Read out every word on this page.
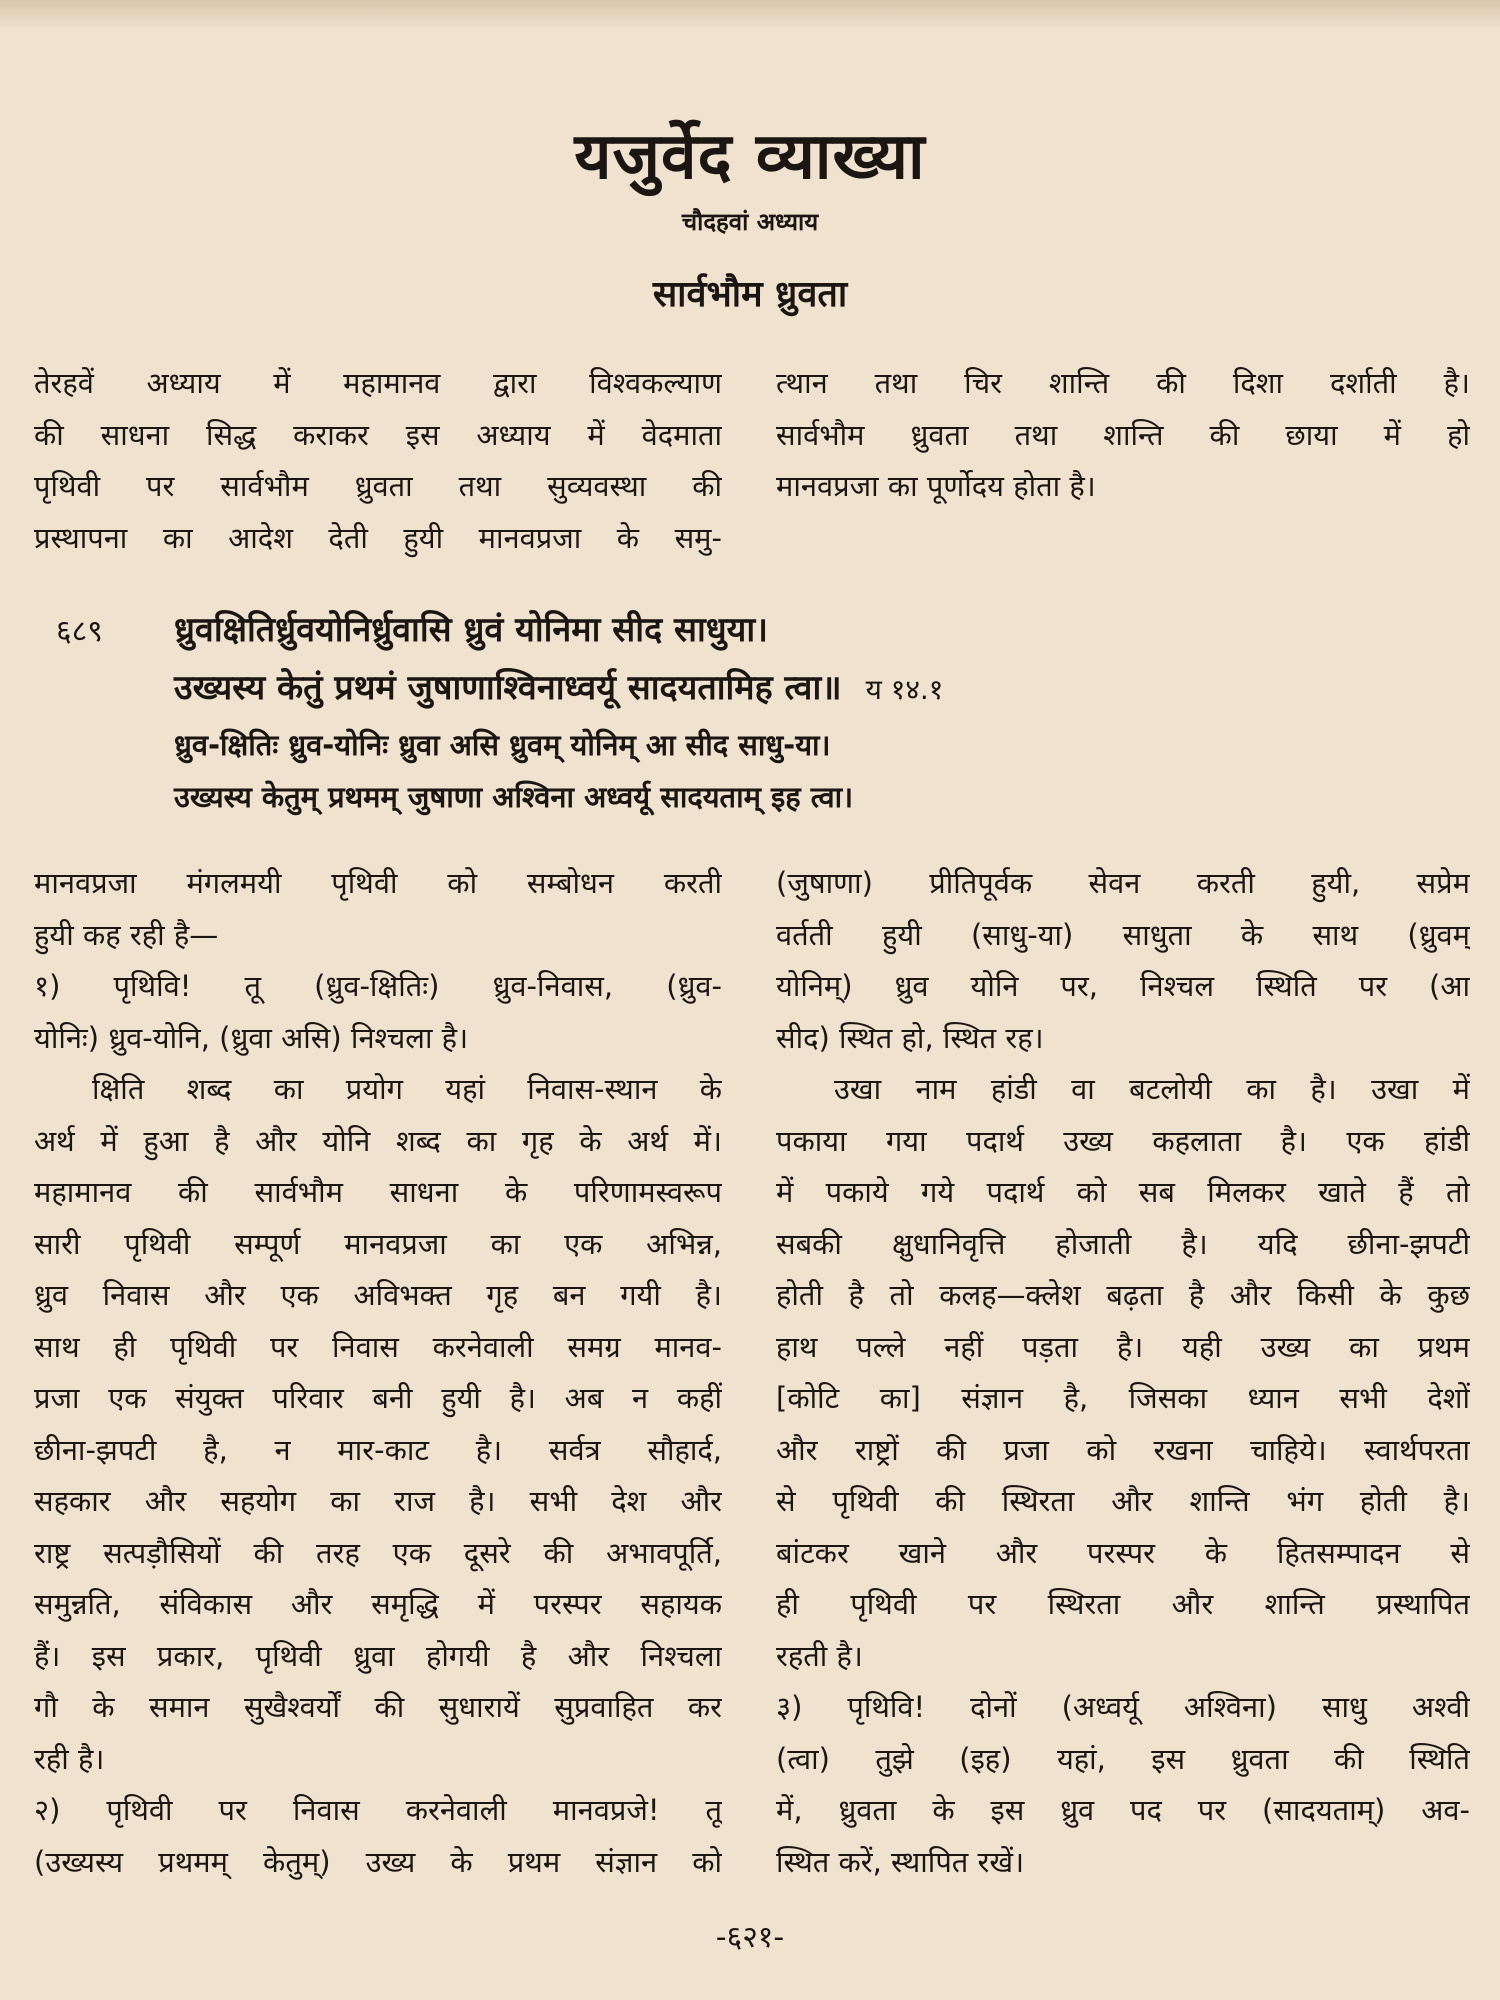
यजुर्वेद व्याख्या
चौदहवां अध्याय
सार्वभौम ध्रुवता
तेरहवें अध्याय में महामानव द्वारा विश्वकल्याण
की साधना सिद्ध कराकर इस अध्याय में वेदमाता
पृथिवी पर सार्वभौम ध्रुवता तथा सुव्यवस्था की
प्रस्थापना का आदेश देती हुयी मानवप्रजा के समु-
त्थान तथा चिर शान्ति की दिशा दर्शाती है।
सार्वभौम ध्रुवता तथा शान्ति की छाया में हो
मानवप्रजा का पूर्णोदय होता है।
६८९ ध्रुवक्षितिर्ध्रुवयोनिर्ध्रुवासि ध्रुवं योनिमा सीद साधुया।
उख्यस्य केतुं प्रथमं जुषाणाश्विनाध्वर्यू सादयतामिह त्वा॥ य १४.१
ध्रुव-क्षितिः ध्रुव-योनिः ध्रुवा असि ध्रुवम् योनिम् आ सीद साधु-या।
उख्यस्य केतुम् प्रथमम् जुषाणा अश्विना अध्वर्यू सादयताम् इह त्वा।
मानवप्रजा मंगलमयी पृथिवी को सम्बोधन करती
हुयी कह रही है—
१) पृथिवि! तू (ध्रुव-क्षितिः) ध्रुव-निवास, (ध्रुव-
योनिः) ध्रुव-योनि, (ध्रुवा असि) निश्चला है।
क्षिति शब्द का प्रयोग यहां निवास-स्थान के
अर्थ में हुआ है और योनि शब्द का गृह के अर्थ में।
महामानव की सार्वभौम साधना के परिणामस्वरूप
सारी पृथिवी सम्पूर्ण मानवप्रजा का एक अभिन्न,
ध्रुव निवास और एक अविभक्त गृह बन गयी है।
साथ ही पृथिवी पर निवास करनेवाली समग्र मानव-
प्रजा एक संयुक्त परिवार बनी हुयी है। अब न कहीं
छीना-झपटी है, न मार-काट है। सर्वत्र सौहार्द,
सहकार और सहयोग का राज है। सभी देश और
राष्ट्र सत्पड़ौसियों की तरह एक दूसरे की अभावपूर्ति,
समुन्नति, संविकास और समृद्धि में परस्पर सहायक
हैं। इस प्रकार, पृथिवी ध्रुवा होगयी है और निश्चला
गौ के समान सुखैश्वर्यों की सुधारायें सुप्रवाहित कर
रही है।
२) पृथिवी पर निवास करनेवाली मानवप्रजे! तू
(उख्यस्य प्रथमम् केतुम्) उख्य के प्रथम संज्ञान को
(जुषाणा) प्रीतिपूर्वक सेवन करती हुयी, सप्रेम
वर्तती हुयी (साधु-या) साधुता के साथ (ध्रुवम्
योनिम्) ध्रुव योनि पर, निश्चल स्थिति पर (आ
सीद) स्थित हो, स्थित रह।
उखा नाम हांडी वा बटलोयी का है। उखा में
पकाया गया पदार्थ उख्य कहलाता है। एक हांडी
में पकाये गये पदार्थ को सब मिलकर खाते हैं तो
सबकी क्षुधानिवृत्ति होजाती है। यदि छीना-झपटी
होती है तो कलह—क्लेश बढ़ता है और किसी के कुछ
हाथ पल्ले नहीं पड़ता है। यही उख्य का प्रथम
[कोटि का] संज्ञान है, जिसका ध्यान सभी देशों
और राष्ट्रों की प्रजा को रखना चाहिये। स्वार्थपरता
से पृथिवी की स्थिरता और शान्ति भंग होती है।
बांटकर खाने और परस्पर के हितसम्पादन से
ही पृथिवी पर स्थिरता और शान्ति प्रस्थापित
रहती है।
३) पृथिवि! दोनों (अध्वर्यू अश्विना) साधु अश्वी
(त्वा) तुझे (इह) यहां, इस ध्रुवता की स्थिति
में, ध्रुवता के इस ध्रुव पद पर (सादयताम्) अव-
स्थित करें, स्थापित रखें।
-६२१-
